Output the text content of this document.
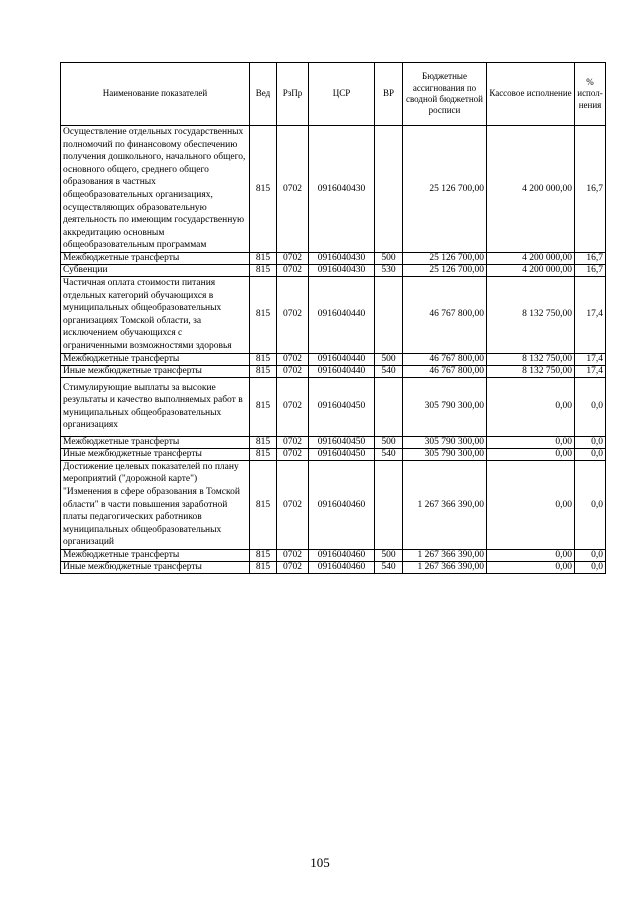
Наименование показателей	Вед	РзПр	ЦСР	ВР	Бюджетные ассигнования по сводной бюджетной росписи	Кассовое исполнение	% испол-нения
Осуществление отдельных государственных полномочий по финансовому обеспечению получения дошкольного, начального общего, основного общего, среднего общего образования в частных общеобразовательных организациях, осуществляющих образовательную деятельность по имеющим государственную аккредитацию основным общеобразовательным программам	815	0702	0916040430		25 126 700,00	4 200 000,00	16,7
Межбюджетные трансферты	815	0702	0916040430	500	25 126 700,00	4 200 000,00	16,7
Субвенции	815	0702	0916040430	530	25 126 700,00	4 200 000,00	16,7
Частичная оплата стоимости питания отдельных категорий обучающихся в муниципальных общеобразовательных организациях Томской области, за исключением обучающихся с ограниченными возможностями здоровья	815	0702	0916040440		46 767 800,00	8 132 750,00	17,4
Межбюджетные трансферты	815	0702	0916040440	500	46 767 800,00	8 132 750,00	17,4
Иные межбюджетные трансферты	815	0702	0916040440	540	46 767 800,00	8 132 750,00	17,4
Стимулирующие выплаты за высокие результаты и качество выполняемых работ в муниципальных общеобразовательных организациях	815	0702	0916040450		305 790 300,00	0,00	0,0
Межбюджетные трансферты	815	0702	0916040450	500	305 790 300,00	0,00	0,0
Иные межбюджетные трансферты	815	0702	0916040450	540	305 790 300,00	0,00	0,0
Достижение целевых показателей по плану мероприятий ("дорожной карте") "Изменения в сфере образования в Томской области" в части повышения заработной платы педагогических работников муниципальных общеобразовательных организаций	815	0702	0916040460		1 267 366 390,00	0,00	0,0
Межбюджетные трансферты	815	0702	0916040460	500	1 267 366 390,00	0,00	0,0
Иные межбюджетные трансферты	815	0702	0916040460	540	1 267 366 390,00	0,00	0,0
105
